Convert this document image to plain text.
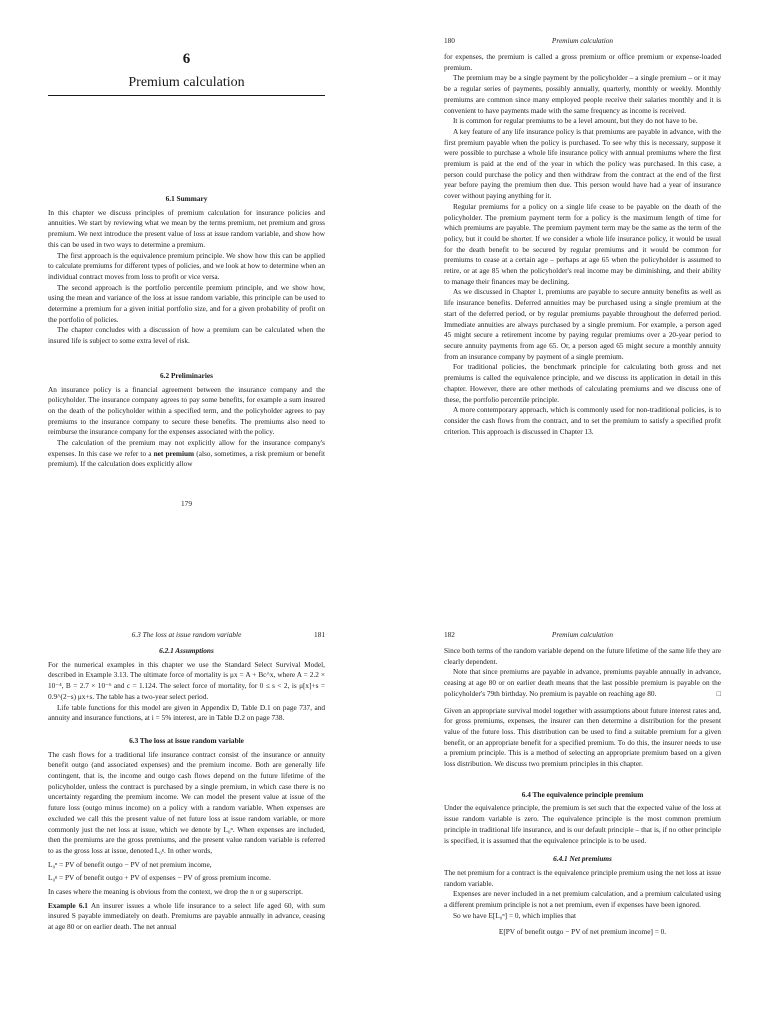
6

Premium calculation

6.1 Summary

In this chapter we discuss principles of premium calculation for insurance policies and annuities. We start by reviewing what we mean by the terms premium, net premium and gross premium. We next introduce the present value of loss at issue random variable, and show how this can be used in two ways to determine a premium.

The first approach is the equivalence premium principle. We show how this can be applied to calculate premiums for different types of policies, and we look at how to determine when an individual contract moves from loss to profit or vice versa.

The second approach is the portfolio percentile premium principle, and we show how, using the mean and variance of the loss at issue random variable, this principle can be used to determine a premium for a given initial portfolio size, and for a given probability of profit on the portfolio of policies.

The chapter concludes with a discussion of how a premium can be calculated when the insured life is subject to some extra level of risk.

6.2 Preliminaries

An insurance policy is a financial agreement between the insurance company and the policyholder. The insurance company agrees to pay some benefits, for example a sum insured on the death of the policyholder within a specified term, and the policyholder agrees to pay premiums to the insurance company to secure these benefits. The premiums also need to reimburse the insurance company for the expenses associated with the policy.

The calculation of the premium may not explicitly allow for the insurance company's expenses. In this case we refer to a net premium (also, sometimes, a risk premium or benefit premium). If the calculation does explicitly allow

179

180	Premium calculation

for expenses, the premium is called a gross premium or office premium or expense-loaded premium.

The premium may be a single payment by the policyholder – a single premium – or it may be a regular series of payments, possibly annually, quarterly, monthly or weekly. Monthly premiums are common since many employed people receive their salaries monthly and it is convenient to have payments made with the same frequency as income is received.

It is common for regular premiums to be a level amount, but they do not have to be.

A key feature of any life insurance policy is that premiums are payable in advance, with the first premium payable when the policy is purchased. To see why this is necessary, suppose it were possible to purchase a whole life insurance policy with annual premiums where the first premium is paid at the end of the year in which the policy was purchased. In this case, a person could purchase the policy and then withdraw from the contract at the end of the first year before paying the premium then due. This person would have had a year of insurance cover without paying anything for it.

Regular premiums for a policy on a single life cease to be payable on the death of the policyholder. The premium payment term for a policy is the maximum length of time for which premiums are payable. The premium payment term may be the same as the term of the policy, but it could be shorter. If we consider a whole life insurance policy, it would be usual for the death benefit to be secured by regular premiums and it would be common for premiums to cease at a certain age – perhaps at age 65 when the policyholder is assumed to retire, or at age 85 when the policyholder's real income may be diminishing, and their ability to manage their finances may be declining.

As we discussed in Chapter 1, premiums are payable to secure annuity benefits as well as life insurance benefits. Deferred annuities may be purchased using a single premium at the start of the deferred period, or by regular premiums payable throughout the deferred period. Immediate annuities are always purchased by a single premium. For example, a person aged 45 might secure a retirement income by paying regular premiums over a 20-year period to secure annuity payments from age 65. Or, a person aged 65 might secure a monthly annuity from an insurance company by payment of a single premium.

For traditional policies, the benchmark principle for calculating both gross and net premiums is called the equivalence principle, and we discuss its application in detail in this chapter. However, there are other methods of calculating premiums and we discuss one of these, the portfolio percentile principle.

A more contemporary approach, which is commonly used for non-traditional policies, is to consider the cash flows from the contract, and to set the premium to satisfy a specified profit criterion. This approach is discussed in Chapter 13.

6.3 The loss at issue random variable	181

6.2.1 Assumptions

For the numerical examples in this chapter we use the Standard Select Survival Model, described in Example 3.13. The ultimate force of mortality is μx = A + Bc^x, where A = 2.2 × 10⁻⁴, B = 2.7 × 10⁻⁶ and c = 1.124. The select force of mortality, for 0 ≤ s < 2, is μ[x]+s = 0.9^(2−s) μx+s. The table has a two-year select period.

Life table functions for this model are given in Appendix D, Table D.1 on page 737, and annuity and insurance functions, at i = 5% interest, are in Table D.2 on page 738.

6.3 The loss at issue random variable

The cash flows for a traditional life insurance contract consist of the insurance or annuity benefit outgo (and associated expenses) and the premium income. Both are generally life contingent, that is, the income and outgo cash flows depend on the future lifetime of the policyholder, unless the contract is purchased by a single premium, in which case there is no uncertainty regarding the premium income. We can model the present value at issue of the future loss (outgo minus income) on a policy with a random variable. When expenses are excluded we call this the present value of net future loss at issue random variable, or more commonly just the net loss at issue, which we denote by L₀ⁿ. When expenses are included, then the premiums are the gross premiums, and the present value random variable is referred to as the gross loss at issue, denoted L₀ᵍ. In other words,

L₀ⁿ = PV of benefit outgo − PV of net premium income,

L₀ᵍ = PV of benefit outgo + PV of expenses − PV of gross premium income.

In cases where the meaning is obvious from the context, we drop the n or g superscript.

Example 6.1 An insurer issues a whole life insurance to a select life aged 60, with sum insured S payable immediately on death. Premiums are payable annually in advance, ceasing at age 80 or on earlier death. The net annual

182	Premium calculation

Since both terms of the random variable depend on the future lifetime of the same life they are clearly dependent.

Note that since premiums are payable in advance, premiums payable annually in advance, ceasing at age 80 or on earlier death means that the last possible premium is payable on the policyholder's 79th birthday. No premium is payable on reaching age 80.	□

Given an appropriate survival model together with assumptions about future interest rates and, for gross premiums, expenses, the insurer can then determine a distribution for the present value of the future loss. This distribution can be used to find a suitable premium for a given benefit, or an appropriate benefit for a specified premium. To do this, the insurer needs to use a premium principle. This is a method of selecting an appropriate premium based on a given loss distribution. We discuss two premium principles in this chapter.

6.4 The equivalence principle premium

Under the equivalence principle, the premium is set such that the expected value of the loss at issue random variable is zero. The equivalence principle is the most common premium principle in traditional life insurance, and is our default principle – that is, if no other principle is specified, it is assumed that the equivalence principle is to be used.

6.4.1 Net premiums

The net premium for a contract is the equivalence principle premium using the net loss at issue random variable.

Expenses are never included in a net premium calculation, and a premium calculated using a different premium principle is not a net premium, even if expenses have been ignored.

So we have E[L₀ⁿ] = 0, which implies that

E[PV of benefit outgo − PV of net premium income] = 0.
